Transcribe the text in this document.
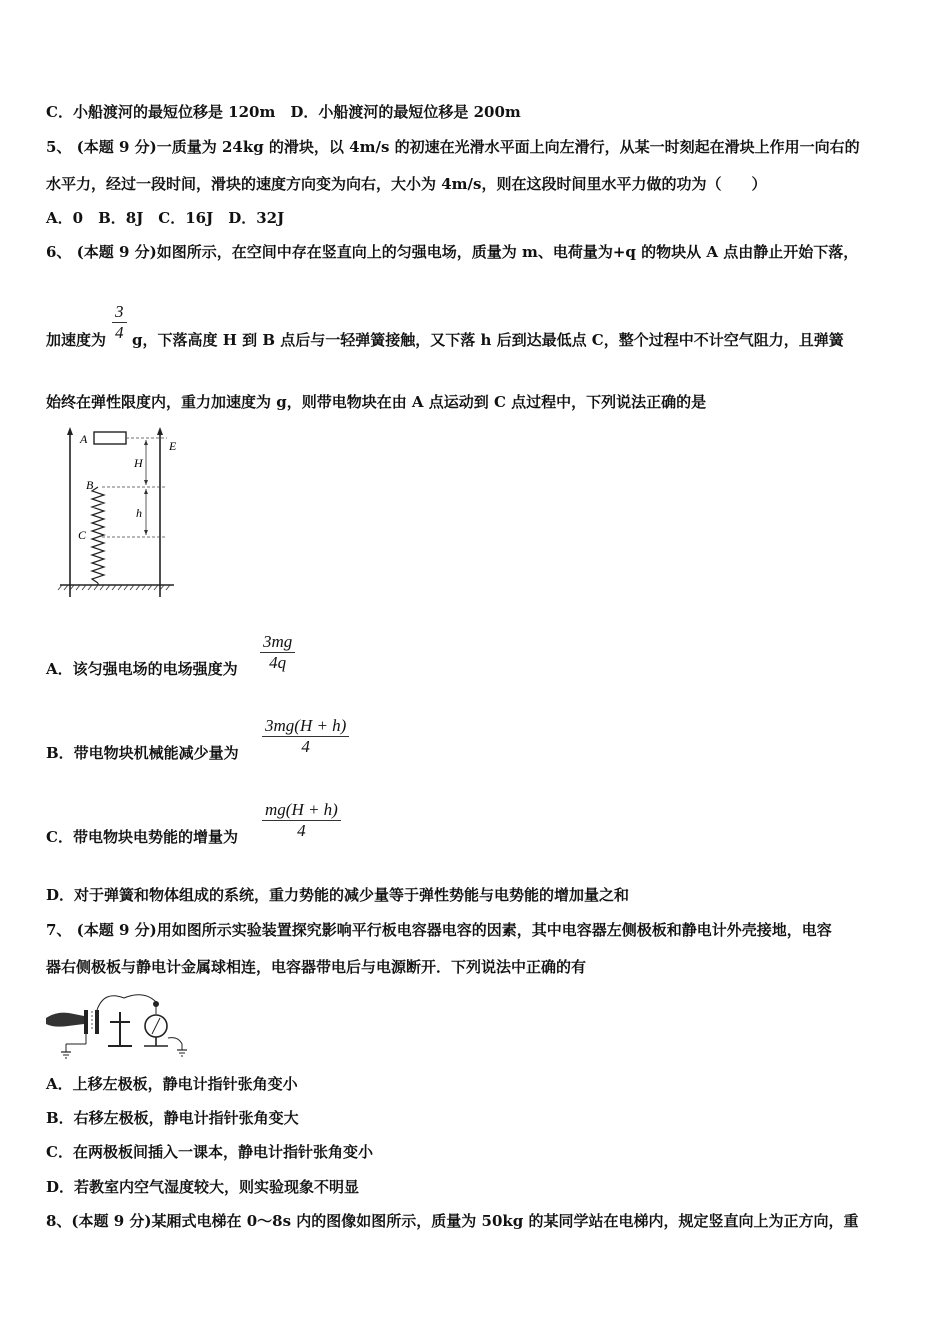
C．小船渡河的最短位移是 120m　D．小船渡河的最短位移是 200m
5、 (本题 9 分)一质量为 24kg 的滑块，以 4m/s 的初速在光滑水平面上向左滑行，从某一时刻起在滑块上作用一向右的
水平力，经过一段时间，滑块的速度方向变为向右，大小为 4m/s，则在这段时间里水平力做的功为（　　）
A．0　B．8J　C．16J　D．32J
6、 (本题 9 分)如图所示，在空间中存在竖直向上的匀强电场，质量为 m、电荷量为+q 的物块从 A 点由静止开始下落，
加速度为
3
4 g，下落高度 H 到 B 点后与一轻弹簧接触，又下落 h 后到达最低点 C，整个过程中不计空气阻力，且弹簧
始终在弹性限度内，重力加速度为 g，则带电物块在由 A 点运动到 C 点过程中，下列说法正确的是
E
A
H
h
B
C
A．该匀强电场的电场强度为
3mg
4q
B．带电物块机械能减少量为
3mg(H + h)
4
C．带电物块电势能的增量为
mg(H + h)
4
D．对于弹簧和物体组成的系统，重力势能的减少量等于弹性势能与电势能的增加量之和
7、 (本题 9 分)用如图所示实验装置探究影响平行板电容器电容的因素，其中电容器左侧极板和静电计外壳接地，电容
器右侧极板与静电计金属球相连，电容器带电后与电源断开．下列说法中正确的有
A．上移左极板，静电计指针张角变小
B．右移左极板，静电计指针张角变大
C．在两极板间插入一课本，静电计指针张角变小
D．若教室内空气湿度较大，则实验现象不明显
8、(本题 9 分)某厢式电梯在 0～8s 内的图像如图所示，质量为 50kg 的某同学站在电梯内，规定竖直向上为正方向，重
